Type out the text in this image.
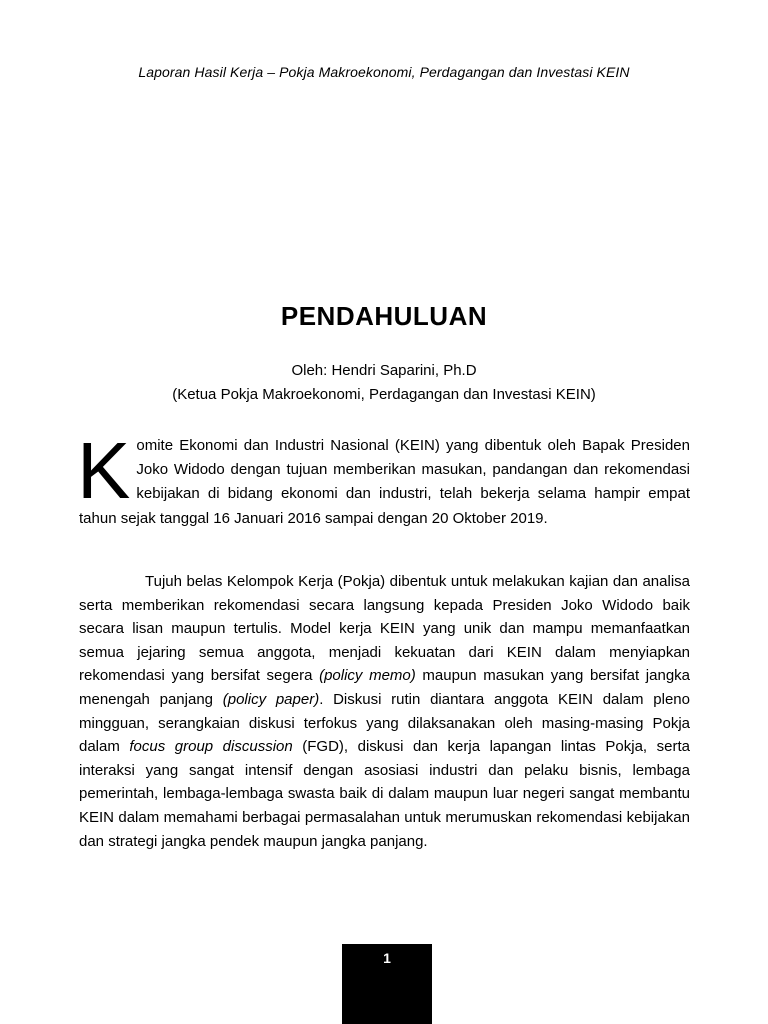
Laporan Hasil Kerja – Pokja Makroekonomi, Perdagangan dan Investasi KEIN
PENDAHULUAN
Oleh: Hendri Saparini, Ph.D
(Ketua Pokja Makroekonomi, Perdagangan dan Investasi KEIN)

Komite Ekonomi dan Industri Nasional (KEIN) yang dibentuk oleh Bapak Presiden Joko Widodo dengan tujuan memberikan masukan, pandangan dan rekomendasi kebijakan di bidang ekonomi dan industri, telah bekerja selama hampir empat tahun sejak tanggal 16 Januari 2016 sampai dengan 20 Oktober 2019.

Tujuh belas Kelompok Kerja (Pokja) dibentuk untuk melakukan kajian dan analisa serta memberikan rekomendasi secara langsung kepada Presiden Joko Widodo baik secara lisan maupun tertulis. Model kerja KEIN yang unik dan mampu memanfaatkan semua jejaring semua anggota, menjadi kekuatan dari KEIN dalam menyiapkan rekomendasi yang bersifat segera (policy memo) maupun masukan yang bersifat jangka menengah panjang (policy paper). Diskusi rutin diantara anggota KEIN dalam pleno mingguan, serangkaian diskusi terfokus yang dilaksanakan oleh masing-masing Pokja dalam focus group discussion (FGD), diskusi dan kerja lapangan lintas Pokja, serta interaksi yang sangat intensif dengan asosiasi industri dan pelaku bisnis, lembaga pemerintah, lembaga-lembaga swasta baik di dalam maupun luar negeri sangat membantu KEIN dalam memahami berbagai permasalahan untuk merumuskan rekomendasi kebijakan dan strategi jangka pendek maupun jangka panjang.

1
